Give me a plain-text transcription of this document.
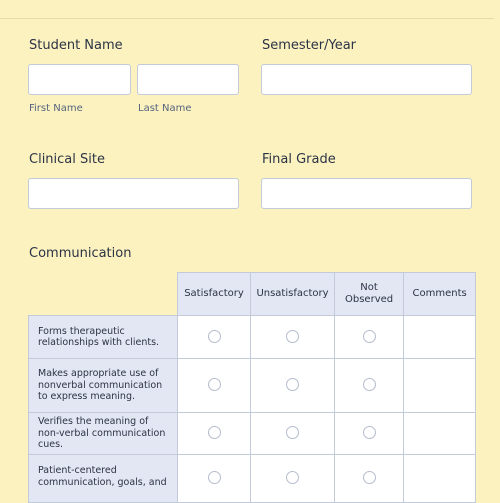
Student Name
First Name	Last Name
Semester/Year
Clinical Site	Final Grade
Communication
	Satisfactory	Unsatisfactory	Not Observed	Comments
Forms therapeutic relationships with clients.				
Makes appropriate use of nonverbal communication to express meaning.				
Verifies the meaning of non-verbal communication cues.				
Patient-centered communication, goals, and				
